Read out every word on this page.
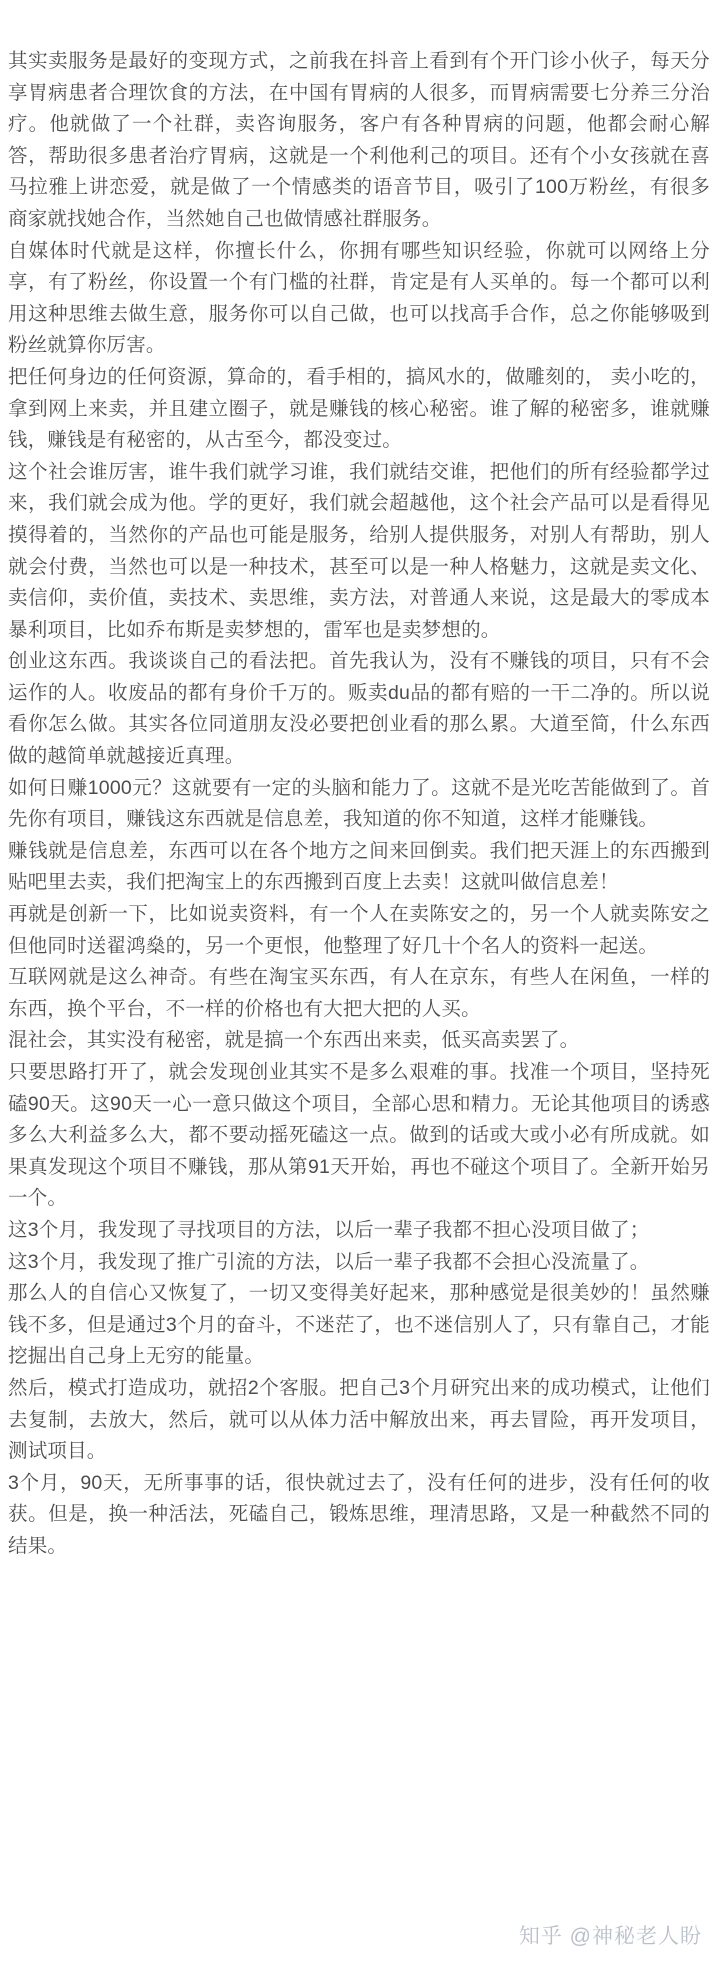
其实卖服务是最好的变现方式，之前我在抖音上看到有个开门诊小伙子，每天分享胃病患者合理饮食的方法，在中国有胃病的人很多，而胃病需要七分养三分治疗。他就做了一个社群，卖咨询服务，客户有各种胃病的问题，他都会耐心解答，帮助很多患者治疗胃病，这就是一个利他利己的项目。还有个小女孩就在喜马拉雅上讲恋爱，就是做了一个情感类的语音节目，吸引了100万粉丝，有很多商家就找她合作，当然她自己也做情感社群服务。

自媒体时代就是这样，你擅长什么，你拥有哪些知识经验，你就可以网络上分享，有了粉丝，你设置一个有门槛的社群，肯定是有人买单的。每一个都可以利用这种思维去做生意，服务你可以自己做，也可以找高手合作，总之你能够吸到粉丝就算你厉害。

把任何身边的任何资源，算命的，看手相的，搞风水的，做雕刻的， 卖小吃的， 拿到网上来卖，并且建立圈子，就是赚钱的核心秘密。谁了解的秘密多，谁就赚钱，赚钱是有秘密的，从古至今，都没变过。

这个社会谁厉害，谁牛我们就学习谁，我们就结交谁，把他们的所有经验都学过来，我们就会成为他。学的更好，我们就会超越他，这个社会产品可以是看得见摸得着的，当然你的产品也可能是服务，给别人提供服务，对别人有帮助，别人就会付费，当然也可以是一种技术，甚至可以是一种人格魅力，这就是卖文化、卖信仰，卖价值，卖技术、卖思维，卖方法，对普通人来说，这是最大的零成本暴利项目，比如乔布斯是卖梦想的，雷军也是卖梦想的。

创业这东西。我谈谈自己的看法把。首先我认为，没有不赚钱的项目，只有不会运作的人。收废品的都有身价千万的。贩卖du品的都有赔的一干二净的。所以说看你怎么做。其实各位同道朋友没必要把创业看的那么累。大道至简，什么东西做的越简单就越接近真理。

如何日赚1000元？这就要有一定的头脑和能力了。这就不是光吃苦能做到了。首先你有项目，赚钱这东西就是信息差，我知道的你不知道，这样才能赚钱。

赚钱就是信息差，东西可以在各个地方之间来回倒卖。我们把天涯上的东西搬到贴吧里去卖，我们把淘宝上的东西搬到百度上去卖！这就叫做信息差！

再就是创新一下，比如说卖资料，有一个人在卖陈安之的，另一个人就卖陈安之但他同时送翟鸿燊的，另一个更恨，他整理了好几十个名人的资料一起送。

互联网就是这么神奇。有些在淘宝买东西，有人在京东，有些人在闲鱼，一样的东西，换个平台，不一样的价格也有大把大把的人买。

混社会，其实没有秘密，就是搞一个东西出来卖，低买高卖罢了。

只要思路打开了，就会发现创业其实不是多么艰难的事。找准一个项目，坚持死磕90天。这90天一心一意只做这个项目，全部心思和精力。无论其他项目的诱惑多么大利益多么大，都不要动摇死磕这一点。做到的话或大或小必有所成就。如果真发现这个项目不赚钱，那从第91天开始，再也不碰这个项目了。全新开始另一个。

这3个月，我发现了寻找项目的方法，以后一辈子我都不担心没项目做了；

这3个月，我发现了推广引流的方法，以后一辈子我都不会担心没流量了。

那么人的自信心又恢复了，一切又变得美好起来，那种感觉是很美妙的！虽然赚钱不多，但是通过3个月的奋斗，不迷茫了，也不迷信别人了，只有靠自己，才能挖掘出自己身上无穷的能量。

然后，模式打造成功，就招2个客服。把自己3个月研究出来的成功模式，让他们去复制，去放大，然后，就可以从体力活中解放出来，再去冒险，再开发项目，测试项目。

3个月，90天，无所事事的话，很快就过去了，没有任何的进步，没有任何的收获。但是，换一种活法，死磕自己，锻炼思维，理清思路，又是一种截然不同的结果。

知乎 @神秘老人盼
